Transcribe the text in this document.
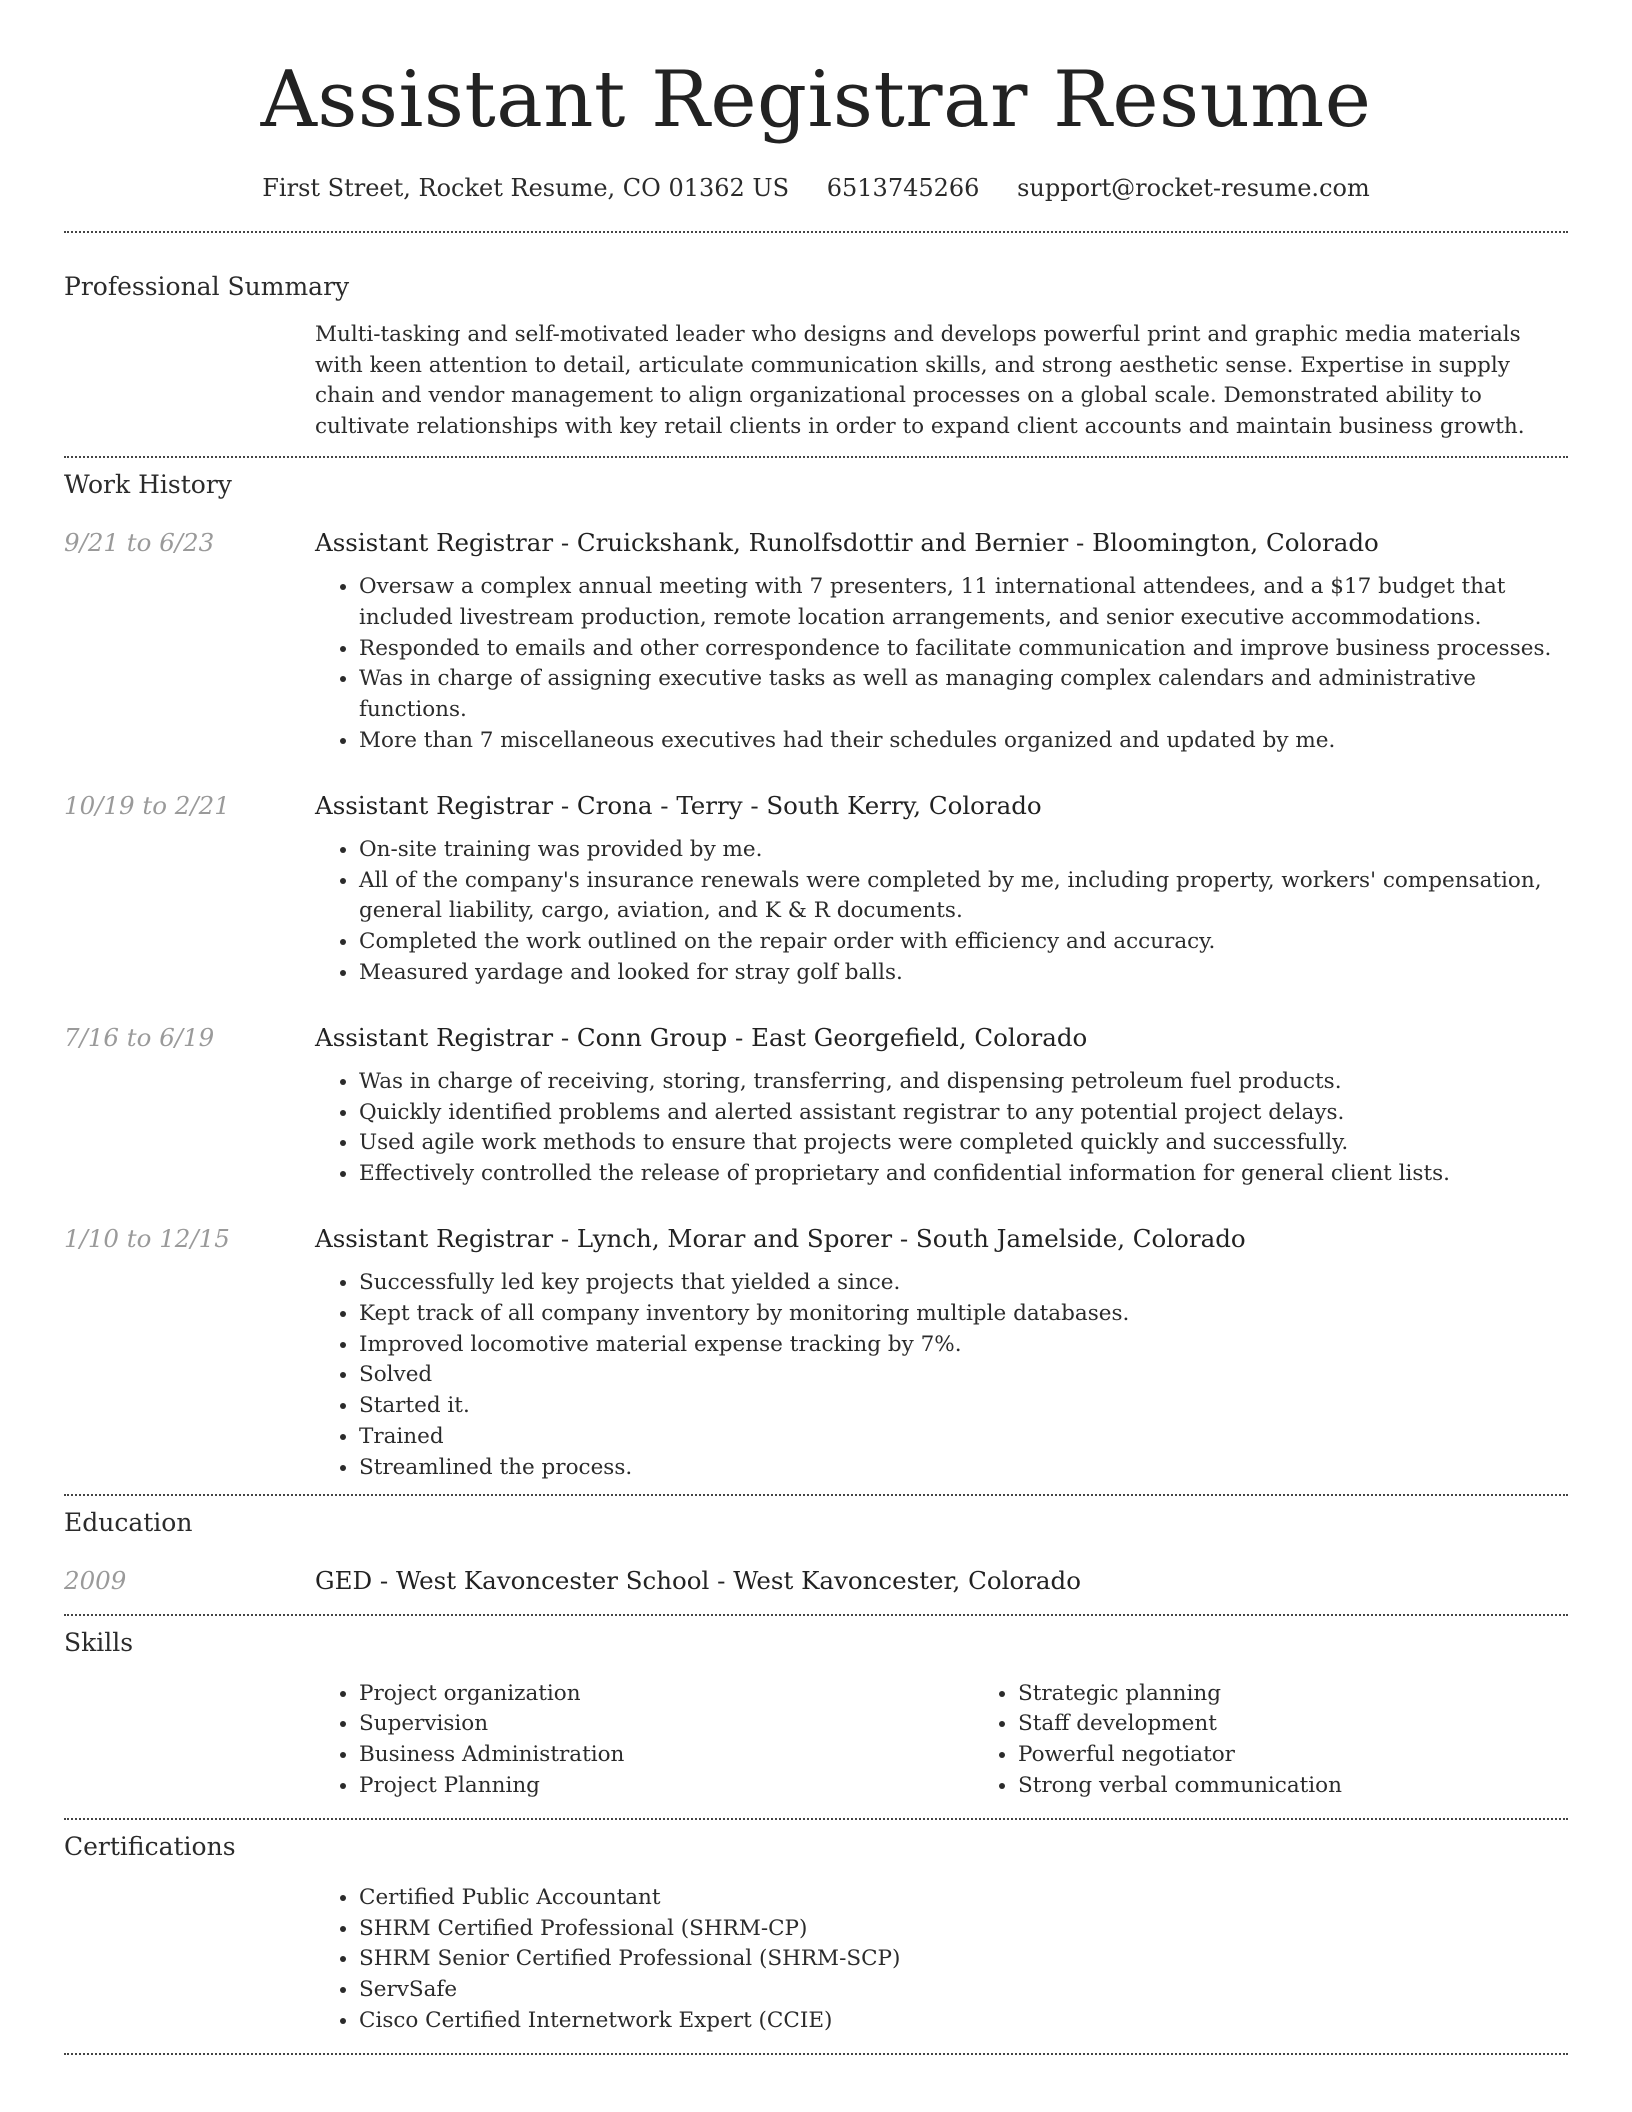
Assistant Registrar Resume
First Street, Rocket Resume, CO 01362 US 6513745266 support@rocket-resume.com
Professional Summary
Multi-tasking and self-motivated leader who designs and develops powerful print and graphic media materials with keen attention to detail, articulate communication skills, and strong aesthetic sense. Expertise in supply chain and vendor management to align organizational processes on a global scale. Demonstrated ability to cultivate relationships with key retail clients in order to expand client accounts and maintain business growth.
Work History
9/21 to 6/23	Assistant Registrar - Cruickshank, Runolfsdottir and Bernier - Bloomington, Colorado
• Oversaw a complex annual meeting with 7 presenters, 11 international attendees, and a $17 budget that included livestream production, remote location arrangements, and senior executive accommodations.
• Responded to emails and other correspondence to facilitate communication and improve business processes.
• Was in charge of assigning executive tasks as well as managing complex calendars and administrative functions.
• More than 7 miscellaneous executives had their schedules organized and updated by me.
10/19 to 2/21	Assistant Registrar - Crona - Terry - South Kerry, Colorado
• On-site training was provided by me.
• All of the company's insurance renewals were completed by me, including property, workers' compensation, general liability, cargo, aviation, and K & R documents.
• Completed the work outlined on the repair order with efficiency and accuracy.
• Measured yardage and looked for stray golf balls.
7/16 to 6/19	Assistant Registrar - Conn Group - East Georgefield, Colorado
• Was in charge of receiving, storing, transferring, and dispensing petroleum fuel products.
• Quickly identified problems and alerted assistant registrar to any potential project delays.
• Used agile work methods to ensure that projects were completed quickly and successfully.
• Effectively controlled the release of proprietary and confidential information for general client lists.
1/10 to 12/15	Assistant Registrar - Lynch, Morar and Sporer - South Jamelside, Colorado
• Successfully led key projects that yielded a since.
• Kept track of all company inventory by monitoring multiple databases.
• Improved locomotive material expense tracking by 7%.
• Solved
• Started it.
• Trained
• Streamlined the process.
Education
2009	GED - West Kavoncester School - West Kavoncester, Colorado
Skills
• Project organization
• Supervision
• Business Administration
• Project Planning
• Strategic planning
• Staff development
• Powerful negotiator
• Strong verbal communication
Certifications
• Certified Public Accountant
• SHRM Certified Professional (SHRM-CP)
• SHRM Senior Certified Professional (SHRM-SCP)
• ServSafe
• Cisco Certified Internetwork Expert (CCIE)
